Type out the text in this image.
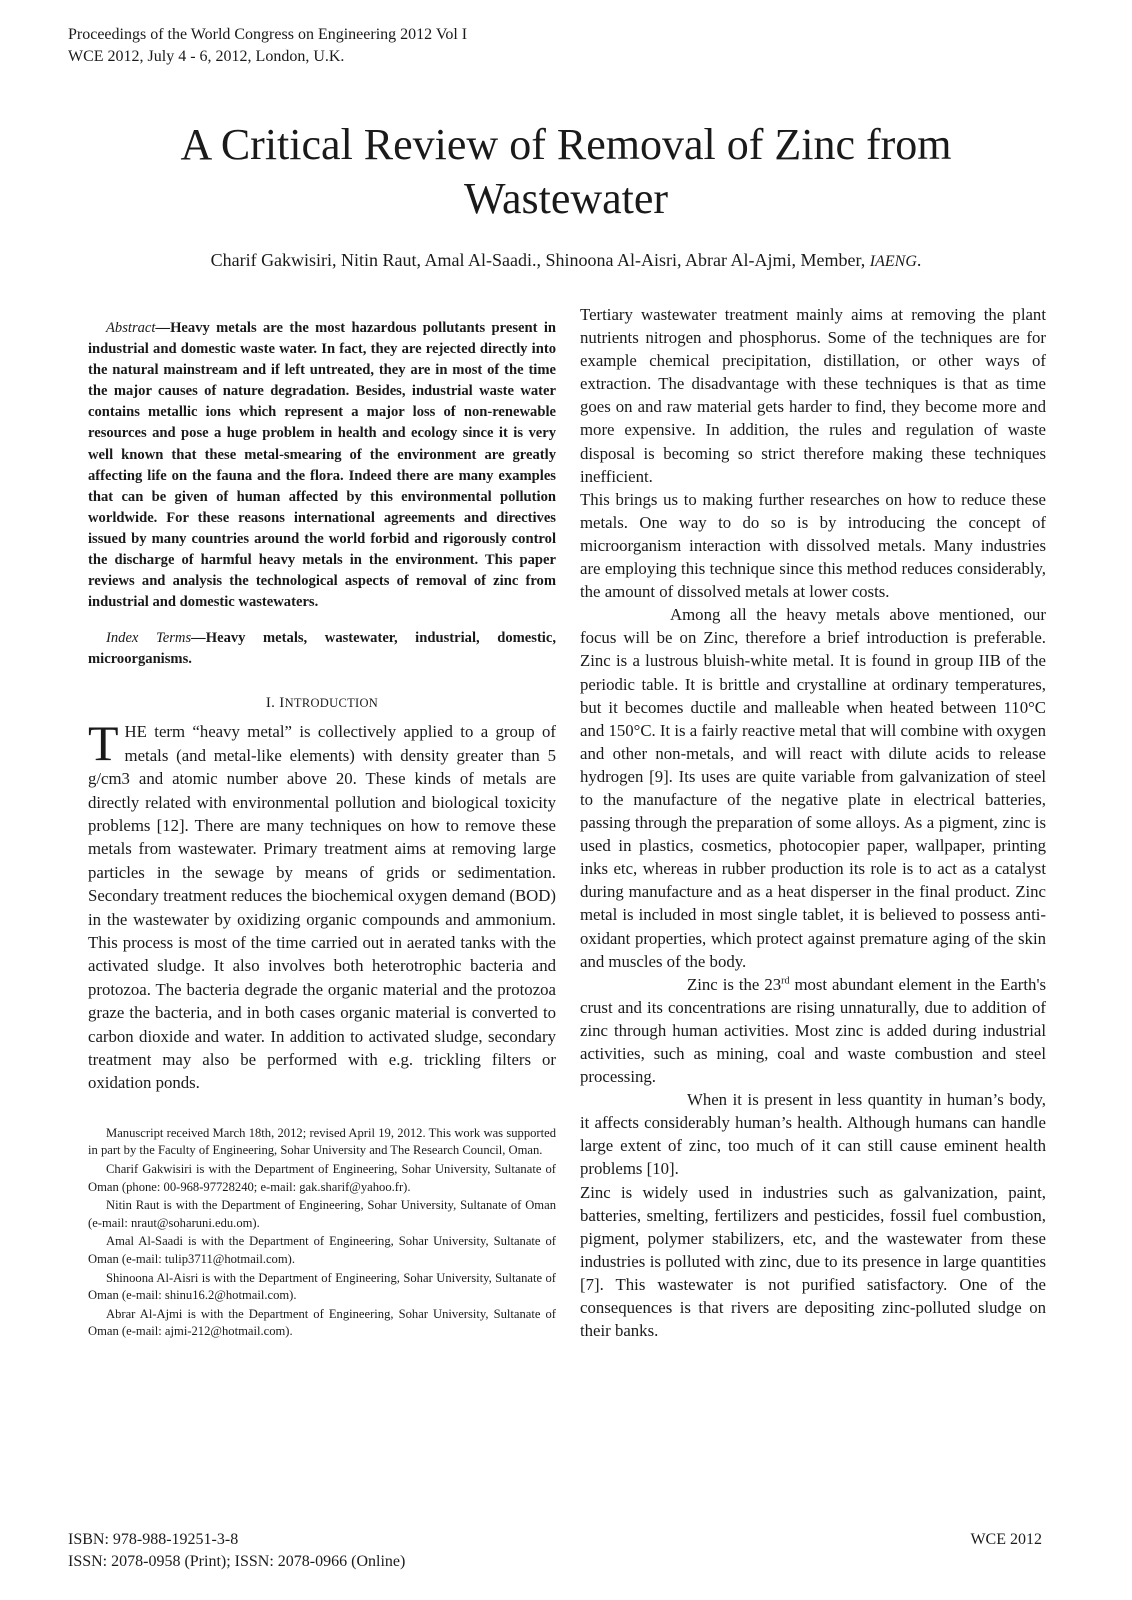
Proceedings of the World Congress on Engineering 2012 Vol I
WCE 2012, July 4 - 6, 2012, London, U.K.
A Critical Review of Removal of Zinc from
Wastewater
Charif Gakwisiri, Nitin Raut, Amal Al-Saadi., Shinoona Al-Aisri, Abrar Al-Ajmi, Member, IAENG.

Abstract—Heavy metals are the most hazardous pollutants present in industrial and domestic waste water. In fact, they are rejected directly into the natural mainstream and if left untreated, they are in most of the time the major causes of nature degradation. Besides, industrial waste water contains metallic ions which represent a major loss of non-renewable resources and pose a huge problem in health and ecology since it is very well known that these metal-smearing of the environment are greatly affecting life on the fauna and the flora. Indeed there are many examples that can be given of human affected by this environmental pollution worldwide. For these reasons international agreements and directives issued by many countries around the world forbid and rigorously control the discharge of harmful heavy metals in the environment. This paper reviews and analysis the technological aspects of removal of zinc from industrial and domestic wastewaters.

Index Terms—Heavy metals, wastewater, industrial, domestic, microorganisms.

I. INTRODUCTION

THE term “heavy metal” is collectively applied to a group of metals (and metal-like elements) with density greater than 5 g/cm3 and atomic number above 20. These kinds of metals are directly related with environmental pollution and biological toxicity problems [12]. There are many techniques on how to remove these metals from wastewater. Primary treatment aims at removing large particles in the sewage by means of grids or sedimentation. Secondary treatment reduces the biochemical oxygen demand (BOD) in the wastewater by oxidizing organic compounds and ammonium. This process is most of the time carried out in aerated tanks with the activated sludge. It also involves both heterotrophic bacteria and protozoa. The bacteria degrade the organic material and the protozoa graze the bacteria, and in both cases organic material is converted to carbon dioxide and water. In addition to activated sludge, secondary treatment may also be performed with e.g. trickling filters or oxidation ponds.

Manuscript received March 18th, 2012; revised April 19, 2012. This work was supported in part by the Faculty of Engineering, Sohar University and The Research Council, Oman.

Charif Gakwisiri is with the Department of Engineering, Sohar University, Sultanate of Oman (phone: 00-968-97728240; e-mail: gak.sharif@yahoo.fr).

Nitin Raut is with the Department of Engineering, Sohar University, Sultanate of Oman (e-mail: nraut@soharuni.edu.om).

Amal Al-Saadi is with the Department of Engineering, Sohar University, Sultanate of Oman (e-mail: tulip3711@hotmail.com).

Shinoona Al-Aisri is with the Department of Engineering, Sohar University, Sultanate of Oman (e-mail: shinu16.2@hotmail.com).

Abrar Al-Ajmi is with the Department of Engineering, Sohar University, Sultanate of Oman (e-mail: ajmi-212@hotmail.com).

Tertiary wastewater treatment mainly aims at removing the plant nutrients nitrogen and phosphorus. Some of the techniques are for example chemical precipitation, distillation, or other ways of extraction. The disadvantage with these techniques is that as time goes on and raw material gets harder to find, they become more and more expensive. In addition, the rules and regulation of waste disposal is becoming so strict therefore making these techniques inefficient.

This brings us to making further researches on how to reduce these metals. One way to do so is by introducing the concept of microorganism interaction with dissolved metals. Many industries are employing this technique since this method reduces considerably, the amount of dissolved metals at lower costs.

Among all the heavy metals above mentioned, our focus will be on Zinc, therefore a brief introduction is preferable. Zinc is a lustrous bluish-white metal. It is found in group IIB of the periodic table. It is brittle and crystalline at ordinary temperatures, but it becomes ductile and malleable when heated between 110°C and 150°C. It is a fairly reactive metal that will combine with oxygen and other non-metals, and will react with dilute acids to release hydrogen [9]. Its uses are quite variable from galvanization of steel to the manufacture of the negative plate in electrical batteries, passing through the preparation of some alloys. As a pigment, zinc is used in plastics, cosmetics, photocopier paper, wallpaper, printing inks etc, whereas in rubber production its role is to act as a catalyst during manufacture and as a heat disperser in the final product. Zinc metal is included in most single tablet, it is believed to possess anti-oxidant properties, which protect against premature aging of the skin and muscles of the body.

Zinc is the 23rd most abundant element in the Earth's crust and its concentrations are rising unnaturally, due to addition of zinc through human activities. Most zinc is added during industrial activities, such as mining, coal and waste combustion and steel processing.

When it is present in less quantity in human’s body, it affects considerably human’s health. Although humans can handle large extent of zinc, too much of it can still cause eminent health problems [10].

Zinc is widely used in industries such as galvanization, paint, batteries, smelting, fertilizers and pesticides, fossil fuel combustion, pigment, polymer stabilizers, etc, and the wastewater from these industries is polluted with zinc, due to its presence in large quantities [7]. This wastewater is not purified satisfactory. One of the consequences is that rivers are depositing zinc-polluted sludge on their banks.

ISBN: 978-988-19251-3-8
ISSN: 2078-0958 (Print); ISSN: 2078-0966 (Online)
WCE 2012
